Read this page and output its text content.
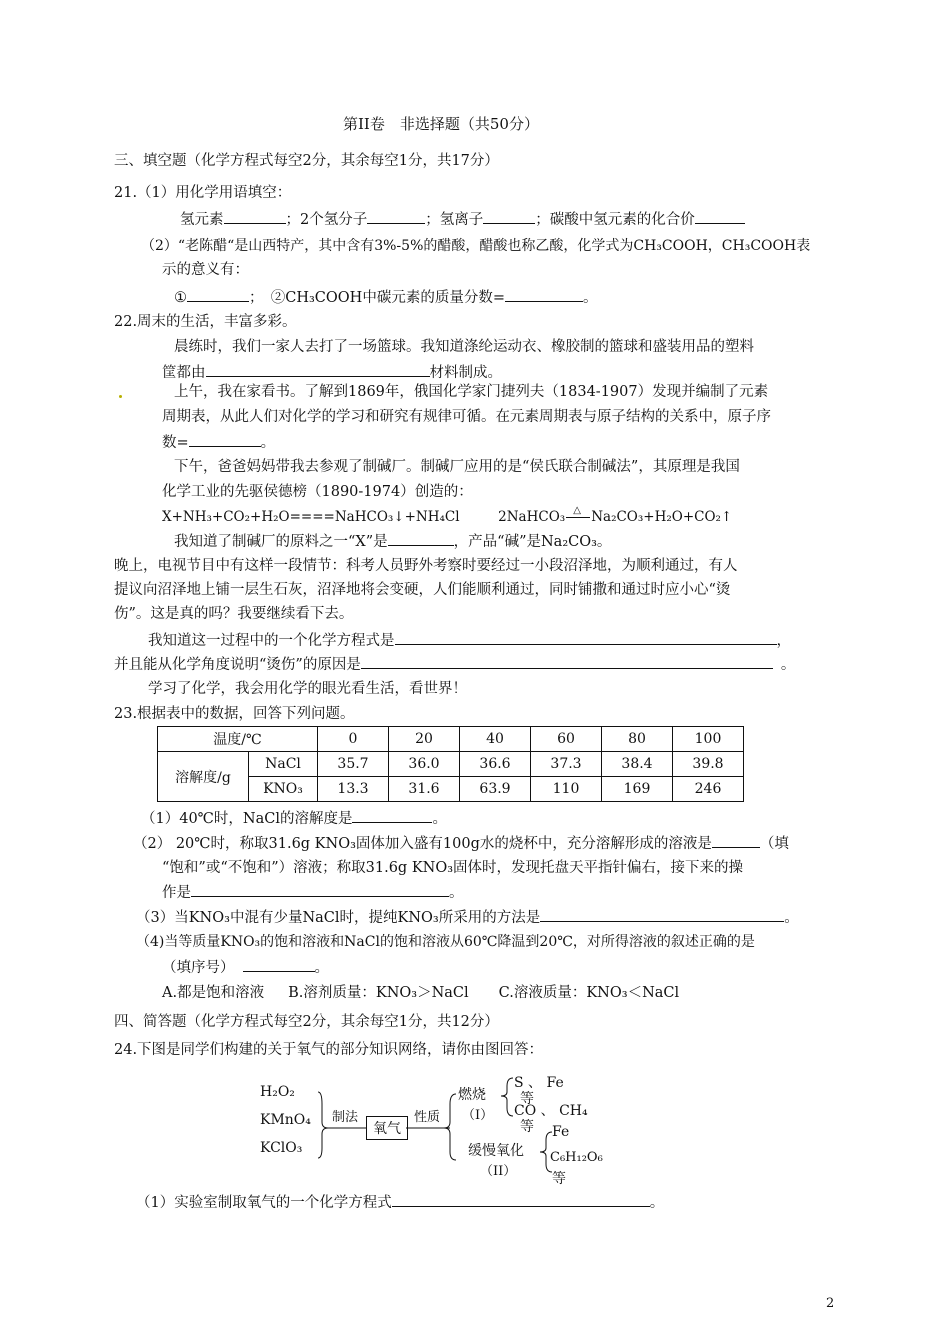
第II卷　非选择题（共50分）
三、填空题（化学方程式每空2分，其余每空1分，共17分）
21.（1）用化学用语填空：
氢元素	；2个氢分子	；氢离子	；碳酸中氢元素的化合价
（2）“老陈醋“是山西特产，其中含有3%-5%的醋酸，醋酸也称乙酸，化学式为CH₃COOH，CH₃COOH表
示的意义有：
①	；　②CH₃COOH中碳元素的质量分数=	。
22.周末的生活，丰富多彩。
晨练时，我们一家人去打了一场篮球。我知道涤纶运动衣、橡胶制的篮球和盛装用品的塑料
筐都由	材料制成。
上午，我在家看书。了解到1869年，俄国化学家门捷列夫（1834-1907）发现并编制了元素
周期表，从此人们对化学的学习和研究有规律可循。在元素周期表与原子结构的关系中，原子序
数=	。
下午，爸爸妈妈带我去参观了制碱厂。制碱厂应用的是“侯氏联合制碱法”，其原理是我国
化学工业的先驱侯德榜（1890-1974）创造的：
X+NH₃+CO₂+H₂O====NaHCO₃↓+NH₄Cl	2NaHCO₃ △ Na₂CO₃+H₂O+CO₂↑
我知道了制碱厂的原料之一“X”是	，产品“碱”是Na₂CO₃。
晚上，电视节目中有这样一段情节：科考人员野外考察时要经过一小段沼泽地，为顺利通过，有人
提议向沼泽地上铺一层生石灰，沼泽地将会变硬，人们能顺利通过，同时铺撒和通过时应小心“烫
伤”。这是真的吗？我要继续看下去。
我知道这一过程中的一个化学方程式是	，
并且能从化学角度说明“烫伤”的原因是	。
学习了化学，我会用化学的眼光看生活，看世界！
23.根据表中的数据，回答下列问题。
温度/℃		0	20	40	60	80	100
溶解度/g	NaCl	35.7	36.0	36.6	37.3	38.4	39.8
	KNO₃	13.3	31.6	63.9	110	169	246
（1）40℃时，NaCl的溶解度是	。
（2） 20℃时，称取31.6g KNO₃固体加入盛有100g水的烧杯中，充分溶解形成的溶液是	（填
“饱和”或“不饱和”）溶液；称取31.6g KNO₃固体时，发现托盘天平指针偏右，接下来的操
作是	。
（3）当KNO₃中混有少量NaCl时，提纯KNO₃所采用的方法是	。
（4)当等质量KNO₃的饱和溶液和NaCl的饱和溶液从60℃降温到20℃，对所得溶液的叙述正确的是
（填序号）	。
A.都是饱和溶液 B.溶剂质量：KNO₃＞NaCl C.溶液质量：KNO₃＜NaCl
四、简答题（化学方程式每空2分，其余每空1分，共12分）
24.下图是同学们构建的关于氧气的部分知识网络，请你由图回答：
H₂O₂
KMnO₄
KClO₃
制法
氧气
性质
燃烧
（I）
S 、 Fe
等
CO 、 CH₄
等
缓慢氧化
（II）
Fe
C₆H₁₂O₆
等
（1）实验室制取氧气的一个化学方程式	。
2
